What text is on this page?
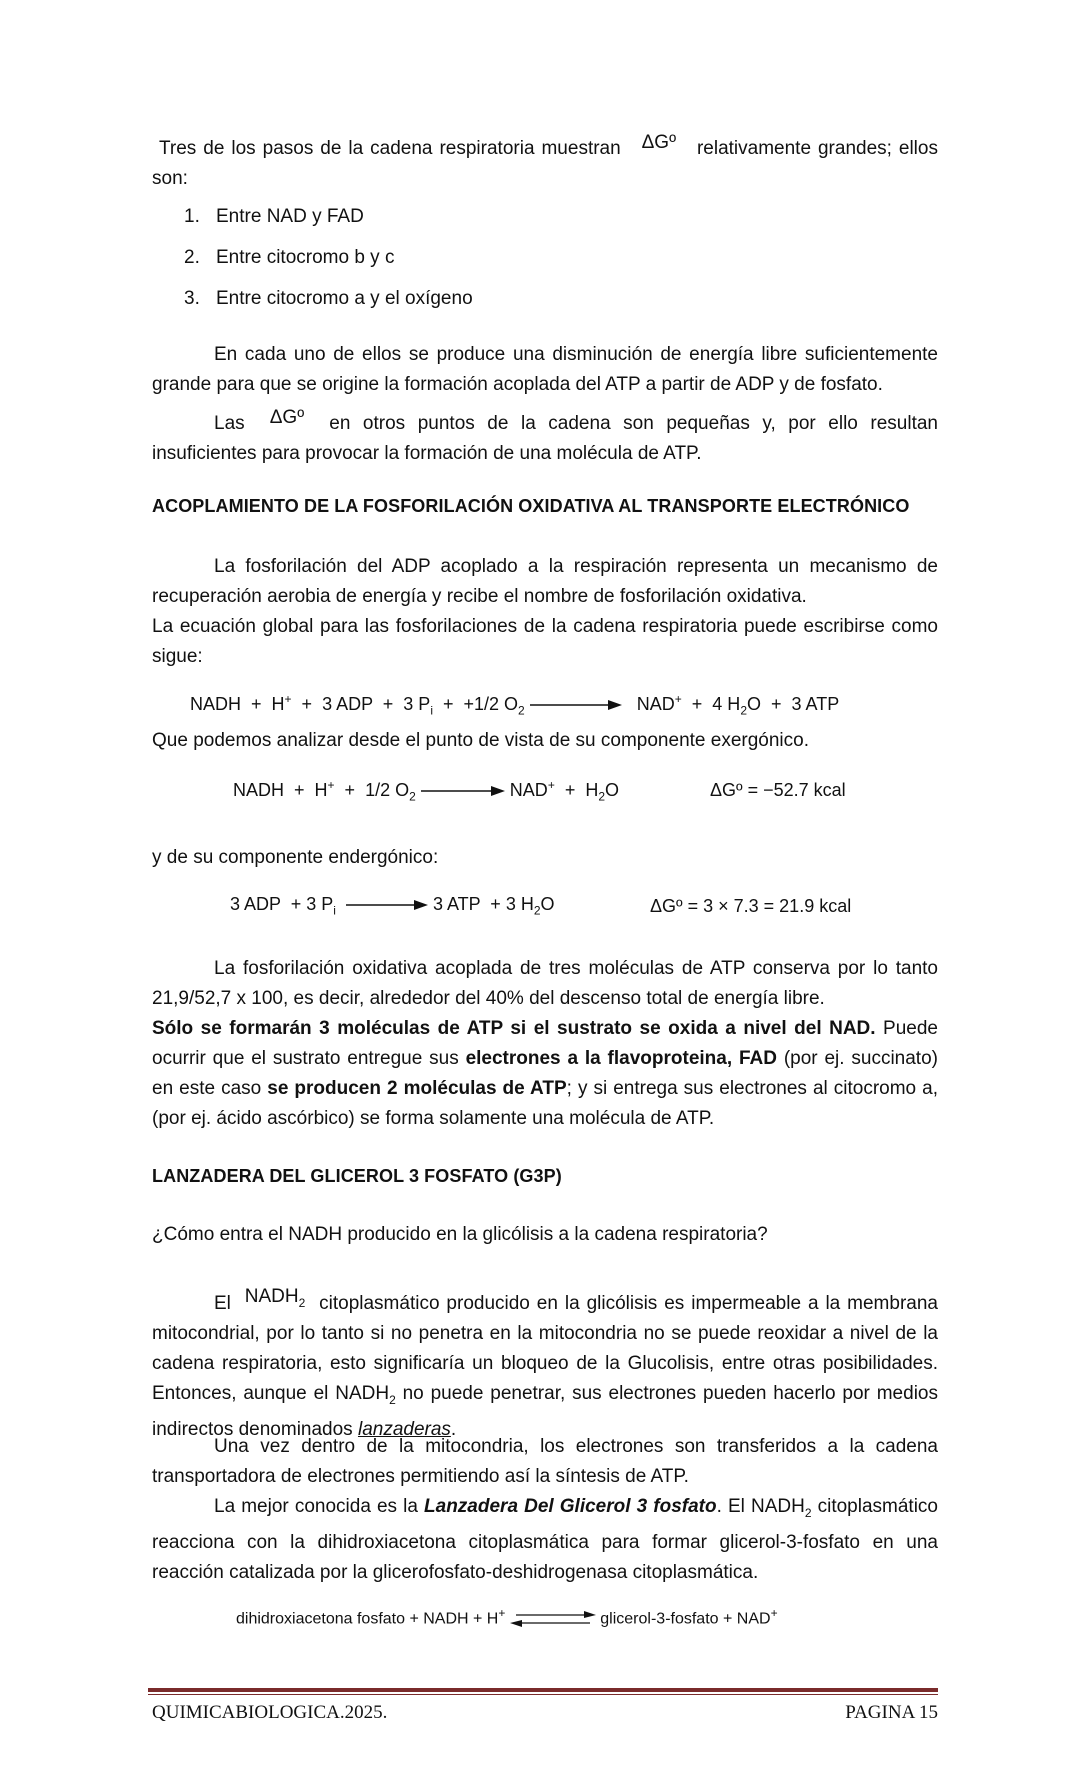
Tres de los pasos de la cadena respiratoria muestran ΔGº relativamente grandes; ellos son:

1. Entre NAD y FAD
2. Entre citocromo b y c
3. Entre citocromo a y el oxígeno

En cada uno de ellos se produce una disminución de energía libre suficientemente grande para que se origine la formación acoplada del ATP a partir de ADP y de fosfato.

Las ΔGº en otros puntos de la cadena son pequeñas y, por ello resultan insuficientes para provocar la formación de una molécula de ATP.

ACOPLAMIENTO DE LA FOSFORILACIÓN OXIDATIVA AL TRANSPORTE ELECTRÓNICO

La fosforilación del ADP acoplado a la respiración representa un mecanismo de recuperación aerobia de energía y recibe el nombre de fosforilación oxidativa.

La ecuación global para las fosforilaciones de la cadena respiratoria puede escribirse como sigue:

NADH  +  H+  +  3 ADP  +  3 $P_i + +1/2$ $O_2$	NAD+  +  4 $H_2O + 3$ ATP

Que podemos analizar desde el punto de vista de su componente exergónico.

NADH  +  H+  +  1/2 $O_2$	$NAD^+ + H_2O$	ΔGº = −52.7 kcal

y de su componente endergónico:

3 ADP  + 3 $P_i$	3 ATP  + 3 $H_2O$	ΔGº = 3 × 7.3 = 21.9 kcal

La fosforilación oxidativa acoplada de tres moléculas de ATP conserva por lo tanto 21,9/52,7 x 100, es decir, alrededor del 40% del descenso total de energía libre.

Sólo se formarán 3 moléculas de ATP si el sustrato se oxida a nivel del NAD. Puede ocurrir que el sustrato entregue sus electrones a la flavoproteina, FAD (por ej. succinato) en este caso se producen 2 moléculas de ATP; y si entrega sus electrones al citocromo a, (por ej. ácido ascórbico) se forma solamente una molécula de ATP.

LANZADERA DEL GLICEROL 3 FOSFATO (G3P)

¿Cómo entra el NADH producido en la glicólisis a la cadena respiratoria?

El $NADH_2$ citoplasmático producido en la glicólisis es impermeable a la membrana mitocondrial, por lo tanto si no penetra en la mitocondria no se puede reoxidar a nivel de la cadena respiratoria, esto significaría un bloqueo de la Glucolisis, entre otras posibilidades. Entonces, aunque el $NADH_2$ no puede penetrar, sus electrones pueden hacerlo por medios indirectos denominados lanzaderas.

Una vez dentro de la mitocondria, los electrones son transferidos a la cadena transportadora de electrones permitiendo así la síntesis de ATP.

La mejor conocida es la Lanzadera Del Glicerol 3 fosfato. El $NADH_2$ citoplasmático reacciona con la dihidroxiacetona citoplasmática para formar glicerol-3-fosfato en una reacción catalizada por la glicerofosfato-deshidrogenasa citoplasmática.

dihidroxiacetona fosfato + NADH + H+	glicerol-3-fosfato + NAD+
QUIMICABIOLOGICA.2025.	PAGINA 15
